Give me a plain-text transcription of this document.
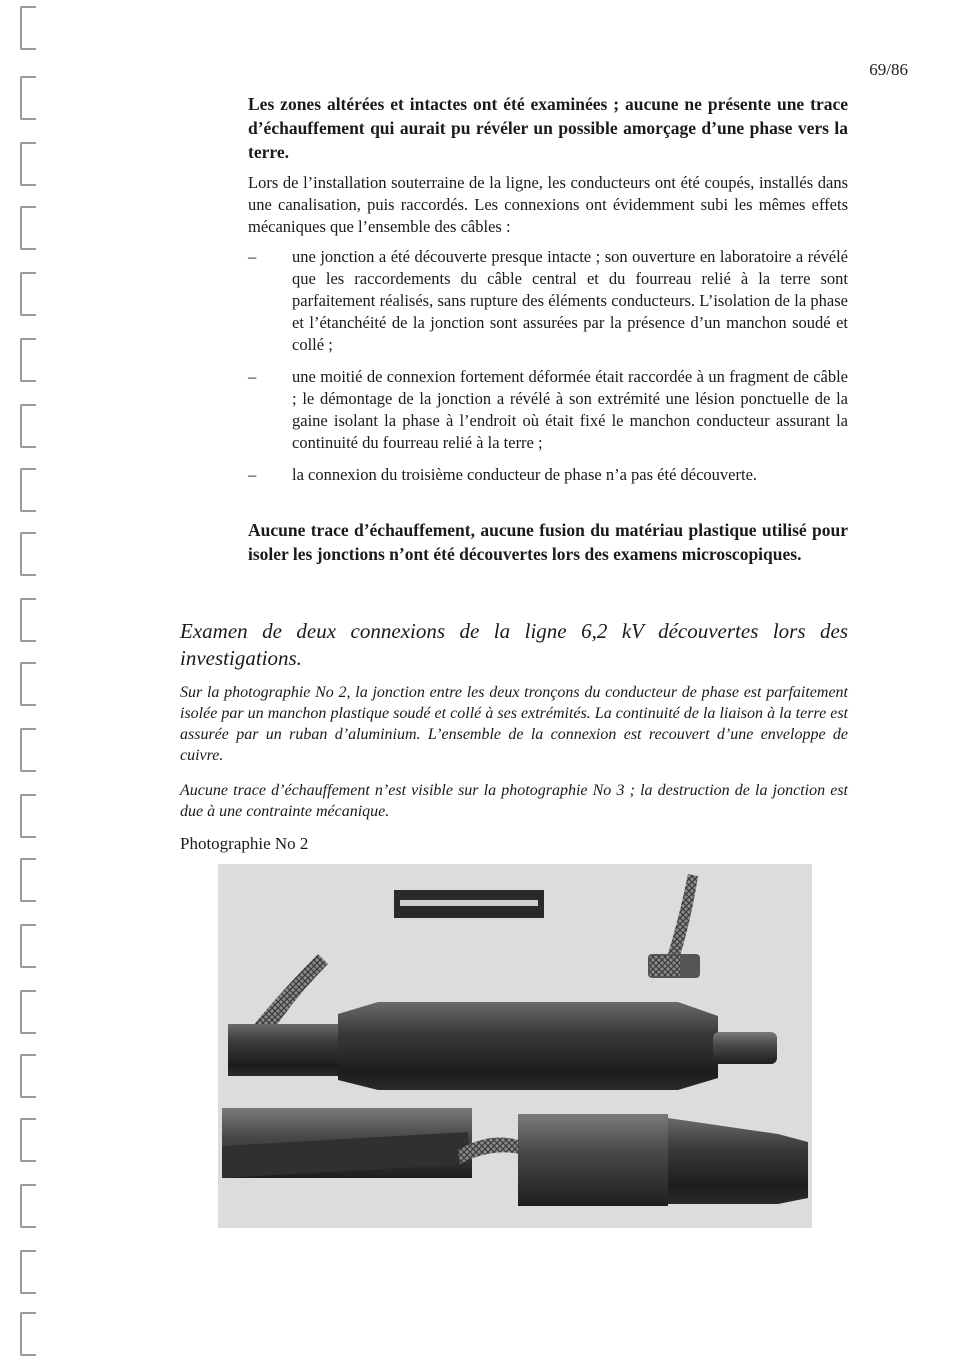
69/86

Les zones altérées et intactes ont été examinées ; aucune ne présente une trace d’échauffement qui aurait pu révéler un possible amorçage d’une phase vers la terre.

Lors de l’installation souterraine de la ligne, les conducteurs ont été coupés, installés dans une canalisation, puis raccordés. Les connexions ont évidemment subi les mêmes effets mécaniques que l’ensemble des câbles :

– une jonction a été découverte presque intacte ; son ouverture en laboratoire a révélé que les raccordements du câble central et du fourreau relié à la terre sont parfaitement réalisés, sans rupture des éléments conducteurs. L’isolation de la phase et l’étanchéité de la jonction sont assurées par la présence d’un manchon soudé et collé ;
– une moitié de connexion fortement déformée était raccordée à un fragment de câble ; le démontage de la jonction a révélé à son extrémité une lésion ponctuelle de la gaine isolant la phase à l’endroit où était fixé le manchon conducteur assurant la continuité du fourreau relié à la terre ;
– la connexion du troisième conducteur de phase n’a pas été découverte.

Aucune trace d’échauffement, aucune fusion du matériau plastique utilisé pour isoler les jonctions n’ont été découvertes lors des examens microscopiques.

Examen de deux connexions de la ligne 6,2 kV découvertes lors des investigations.

Sur la photographie No 2, la jonction entre les deux tronçons du conducteur de phase est parfaitement isolée par un manchon plastique soudé et collé à ses extrémités. La continuité de la liaison à la terre est assurée par un ruban d’aluminium. L’ensemble de la connexion est recouvert d’une enveloppe de cuivre.

Aucune trace d’échauffement n’est visible sur la photographie No 3 ; la destruction de la jonction est due à une contrainte mécanique.

Photographie No 2
